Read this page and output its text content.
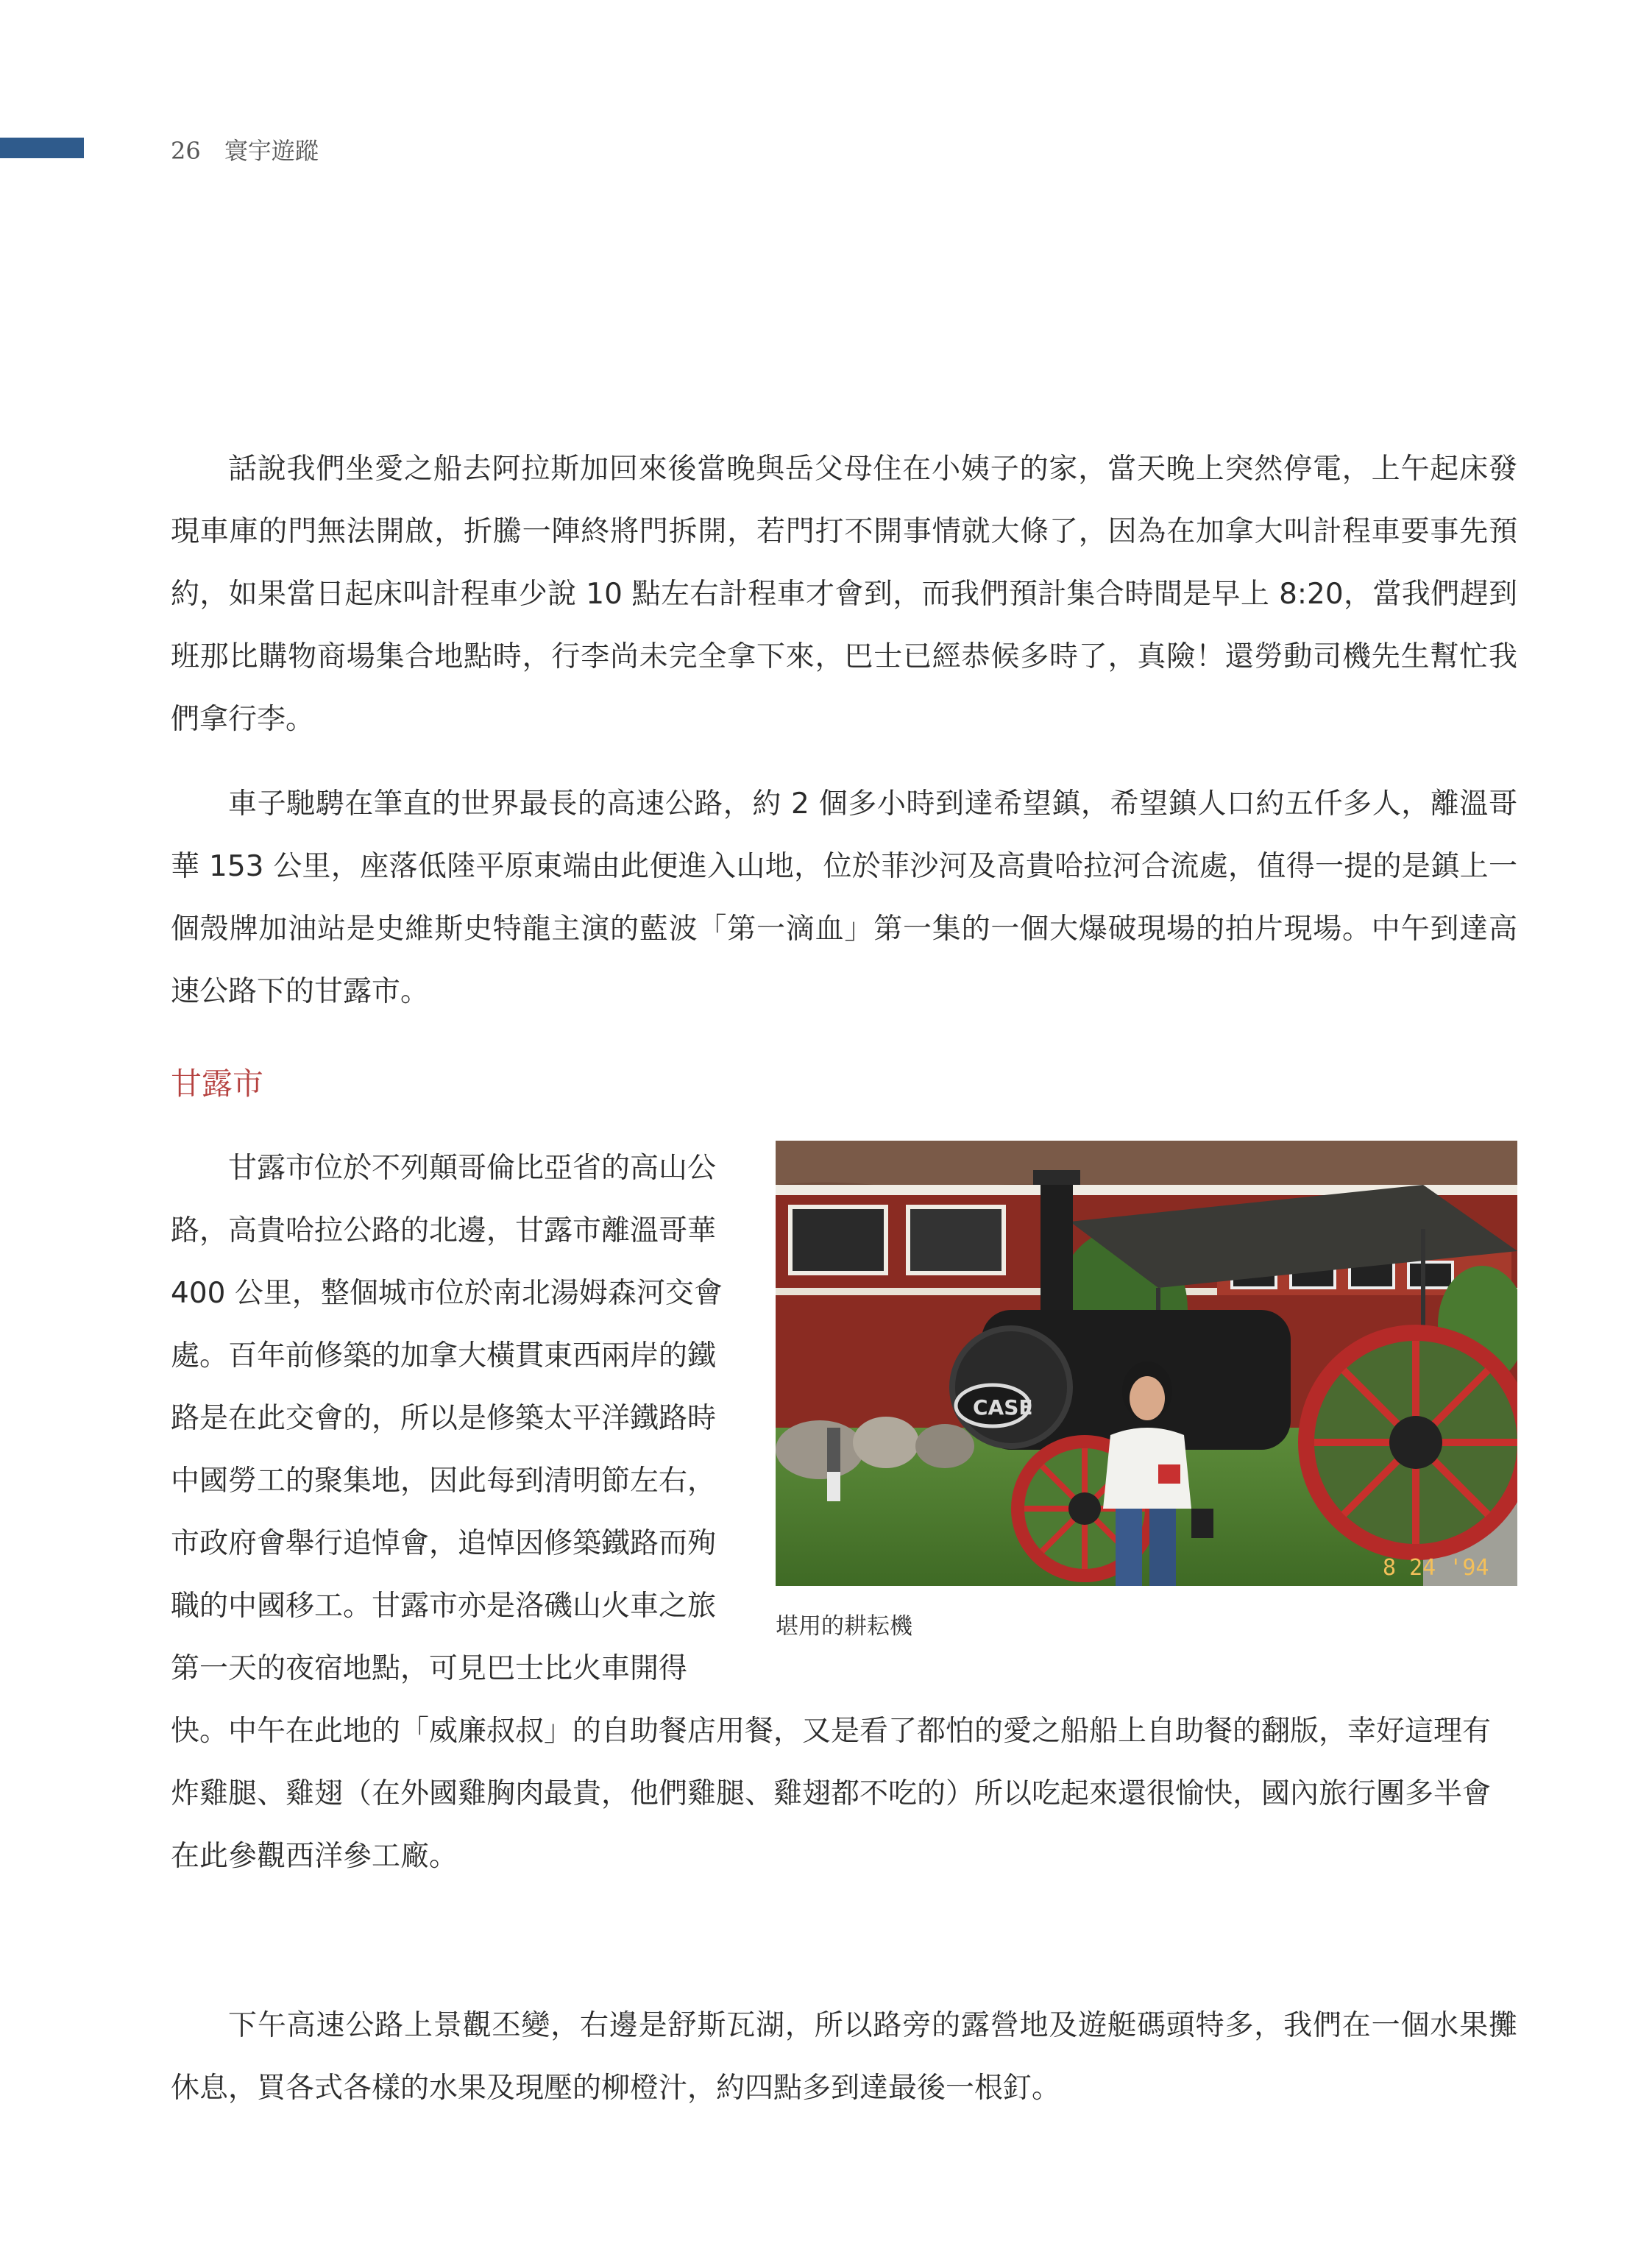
26 寰宇遊蹤

話說我們坐愛之船去阿拉斯加回來後當晚與岳父母住在小姨子的家，當天晚上突然停電，上午起床發現車庫的門無法開啟，折騰一陣終將門拆開，若門打不開事情就大條了，因為在加拿大叫計程車要事先預約，如果當日起床叫計程車少說 10 點左右計程車才會到，而我們預計集合時間是早上 8:20，當我們趕到班那比購物商場集合地點時，行李尚未完全拿下來，巴士已經恭候多時了，真險！還勞動司機先生幫忙我們拿行李。

車子馳騁在筆直的世界最長的高速公路，約 2 個多小時到達希望鎮，希望鎮人口約五仟多人，離溫哥華 153 公里，座落低陸平原東端由此便進入山地，位於菲沙河及高貴哈拉河合流處，值得一提的是鎮上一個殼牌加油站是史維斯史特龍主演的藍波「第一滴血」第一集的一個大爆破現場的拍片現場。中午到達高速公路下的甘露市。

甘露市
CASE
8 24 '94
堪用的耕耘機
甘露市位於不列顛哥倫比亞省的高山公路，高貴哈拉公路的北邊，甘露市離溫哥華 400 公里，整個城市位於南北湯姆森河交會處。百年前修築的加拿大橫貫東西兩岸的鐵路是在此交會的，所以是修築太平洋鐵路時中國勞工的聚集地，因此每到清明節左右，市政府會舉行追悼會，追悼因修築鐵路而殉職的中國移工。甘露市亦是洛磯山火車之旅第一天的夜宿地點，可見巴士比火車開得快。中午在此地的「威廉叔叔」的自助餐店用餐，又是看了都怕的愛之船船上自助餐的翻版，幸好這理有炸雞腿、雞翅（在外國雞胸肉最貴，他們雞腿、雞翅都不吃的）所以吃起來還很愉快，國內旅行團多半會在此參觀西洋參工廠。

下午高速公路上景觀丕變，右邊是舒斯瓦湖，所以路旁的露營地及遊艇碼頭特多，我們在一個水果攤休息，買各式各樣的水果及現壓的柳橙汁，約四點多到達最後一根釘。
